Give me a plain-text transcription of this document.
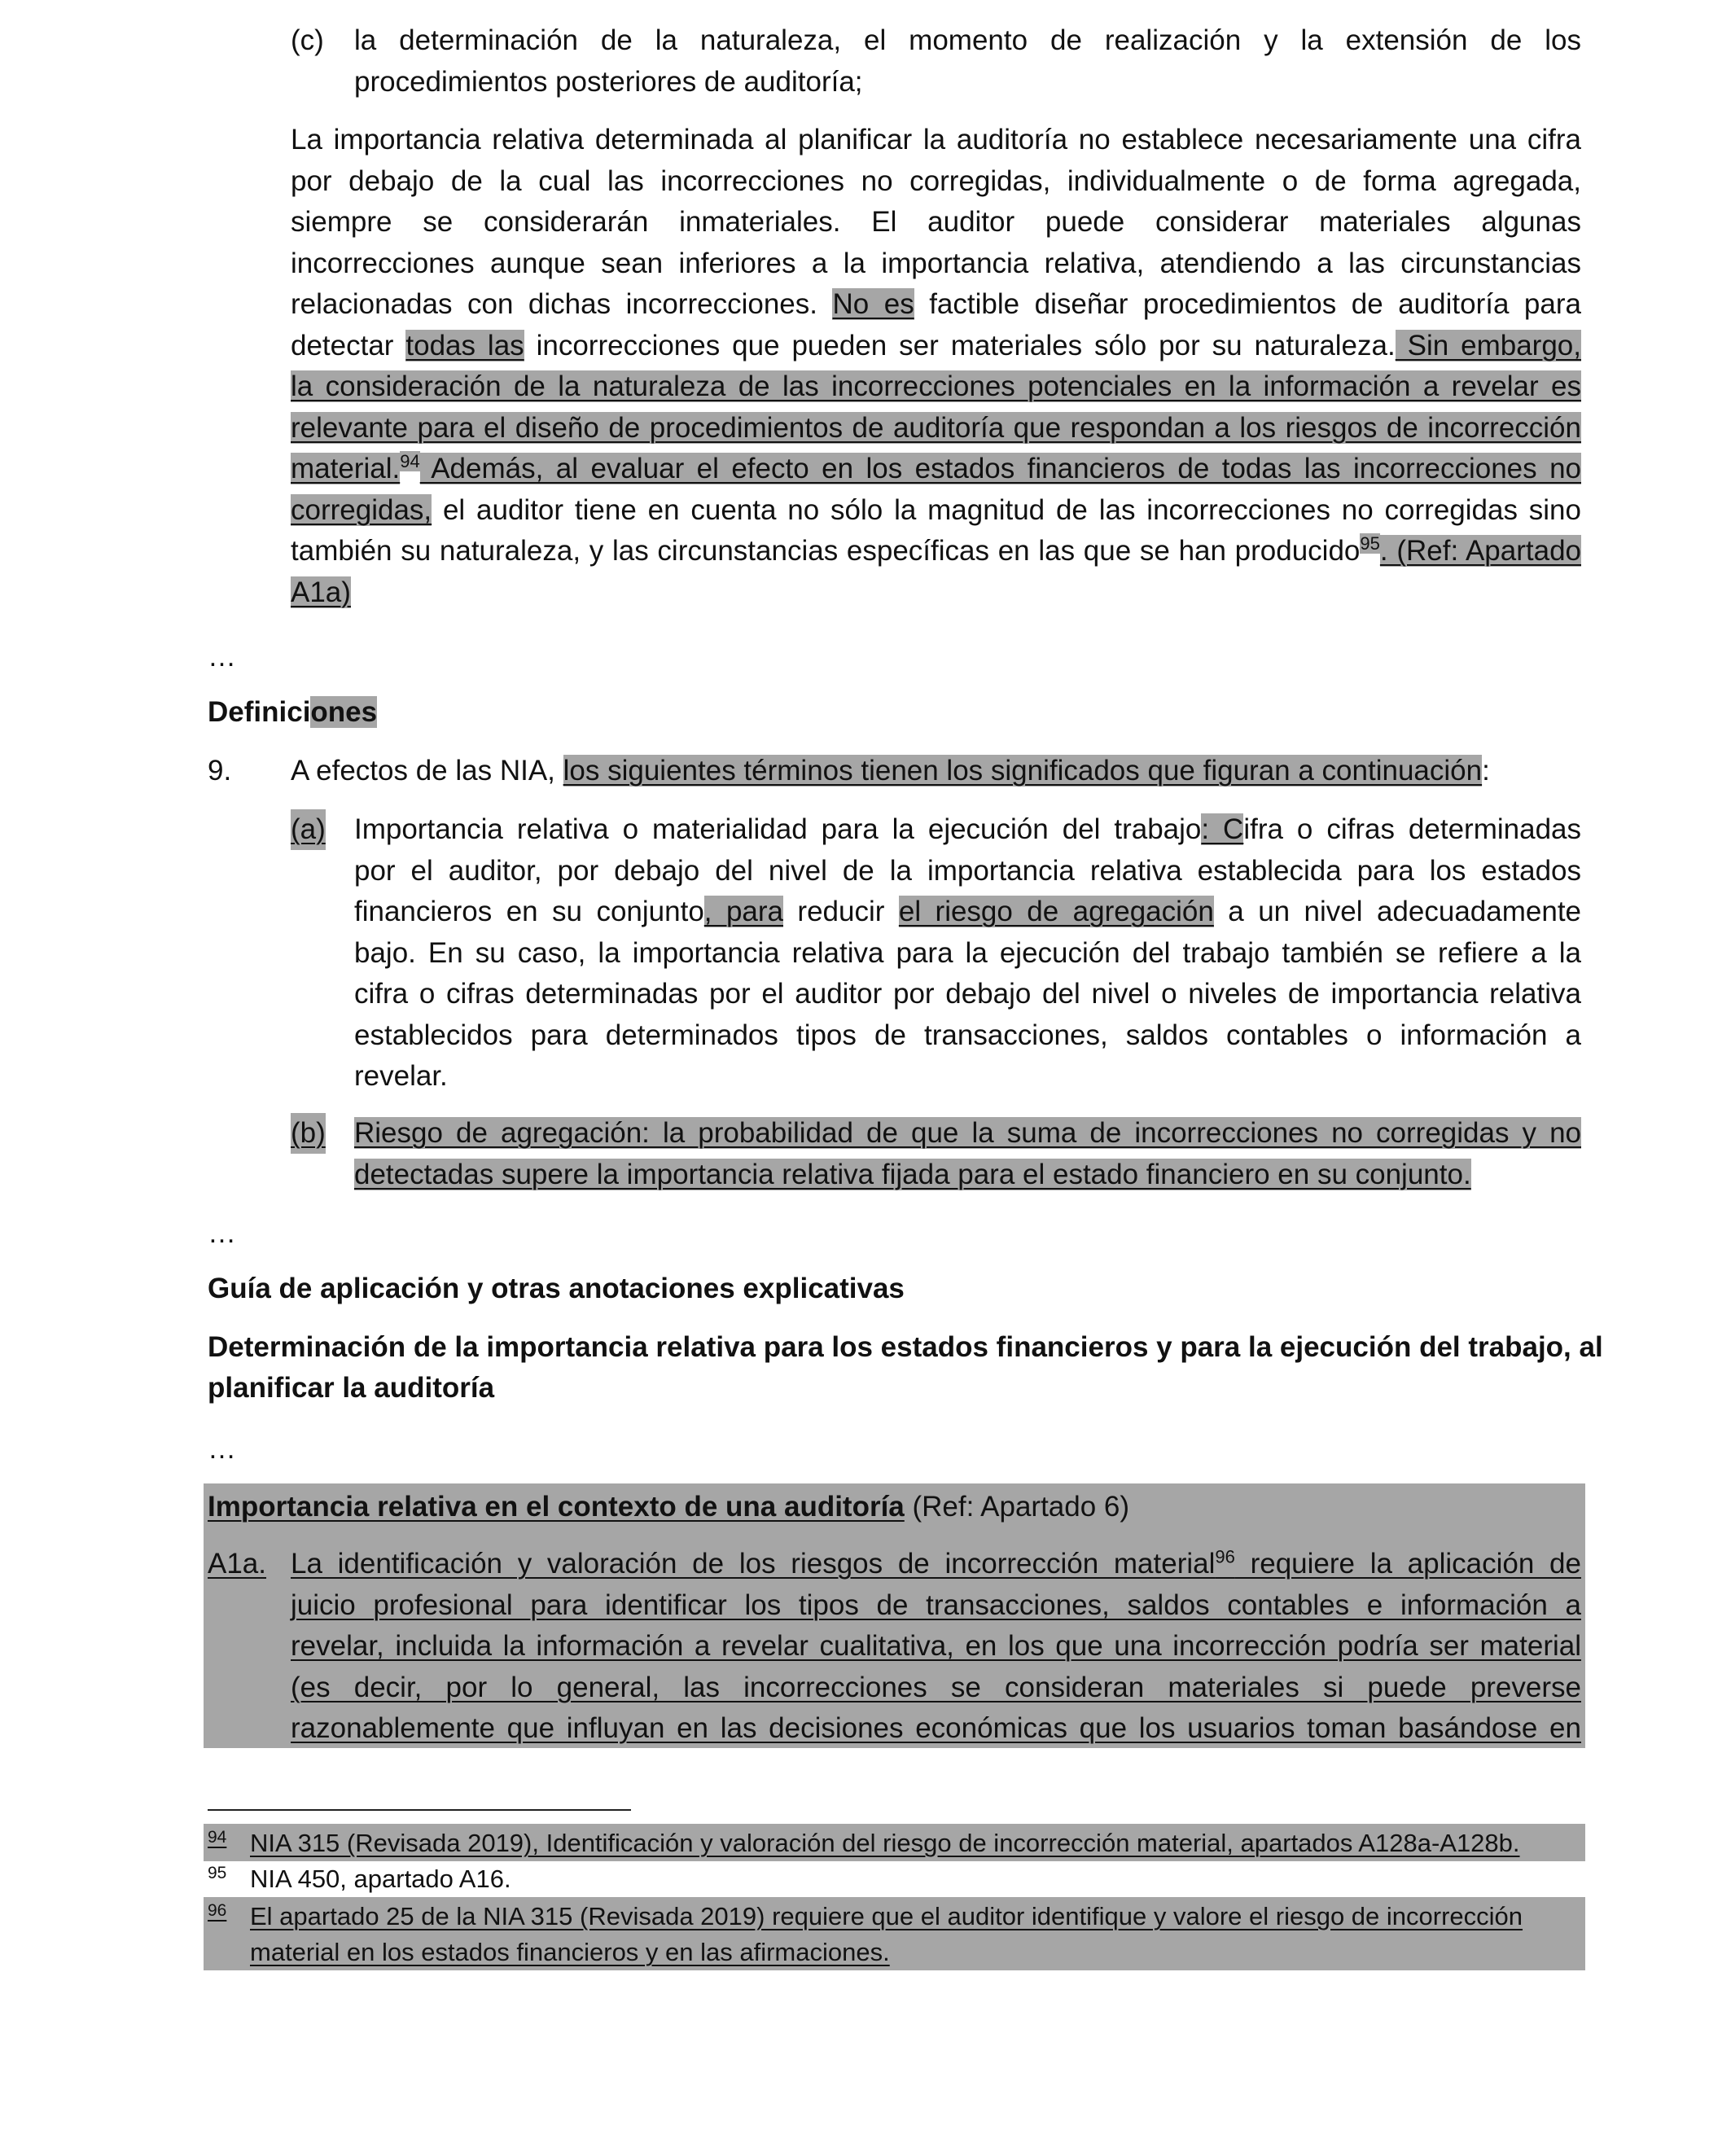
(c) la determinación de la naturaleza, el momento de realización y la extensión de los
procedimientos posteriores de auditoría;
La importancia relativa determinada al planificar la auditoría no establece necesariamente una cifra
por debajo de la cual las incorrecciones no corregidas, individualmente o de forma agregada,
siempre se considerarán inmateriales. El auditor puede considerar materiales algunas
incorrecciones aunque sean inferiores a la importancia relativa, atendiendo a las circunstancias
relacionadas con dichas incorrecciones. No es factible diseñar procedimientos de auditoría para
detectar todas las incorrecciones que pueden ser materiales sólo por su naturaleza. Sin embargo,
la consideración de la naturaleza de las incorrecciones potenciales en la información a revelar es
relevante para el diseño de procedimientos de auditoría que respondan a los riesgos de incorrección
material.$^{94}$ Además, al evaluar el efecto en los estados financieros de todas las incorrecciones no
corregidas, el auditor tiene en cuenta no sólo la magnitud de las incorrecciones no corregidas sino
también su naturaleza, y las circunstancias específicas en las que se han producido$^{95}$. (Ref: Apartado
A1a)
…
Definiciones
9. A efectos de las NIA, los siguientes términos tienen los significados que figuran a continuación:
(a) Importancia relativa o materialidad para la ejecución del trabajo: Cifra o cifras determinadas
por el auditor, por debajo del nivel de la importancia relativa establecida para los estados
financieros en su conjunto, para reducir el riesgo de agregación a un nivel adecuadamente
bajo. En su caso, la importancia relativa para la ejecución del trabajo también se refiere a la
cifra o cifras determinadas por el auditor por debajo del nivel o niveles de importancia relativa
establecidos para determinados tipos de transacciones, saldos contables o información a
revelar.
(b) Riesgo de agregación: la probabilidad de que la suma de incorrecciones no corregidas y no
detectadas supere la importancia relativa fijada para el estado financiero en su conjunto.
…
Guía de aplicación y otras anotaciones explicativas
Determinación de la importancia relativa para los estados financieros y para la ejecución del trabajo, al
planificar la auditoría
…
Importancia relativa en el contexto de una auditoría (Ref: Apartado 6)
A1a. La identificación y valoración de los riesgos de incorrección material$^{96}$ requiere la aplicación de
juicio profesional para identificar los tipos de transacciones, saldos contables e información a
revelar, incluida la información a revelar cualitativa, en los que una incorrección podría ser material
(es decir, por lo general, las incorrecciones se consideran materiales si puede preverse
razonablemente que influyan en las decisiones económicas que los usuarios toman basándose en
94 NIA 315 (Revisada 2019), Identificación y valoración del riesgo de incorrección material, apartados A128a-A128b.
95 NIA 450, apartado A16.
96 El apartado 25 de la NIA 315 (Revisada 2019) requiere que el auditor identifique y valore el riesgo de incorrección
material en los estados financieros y en las afirmaciones.
